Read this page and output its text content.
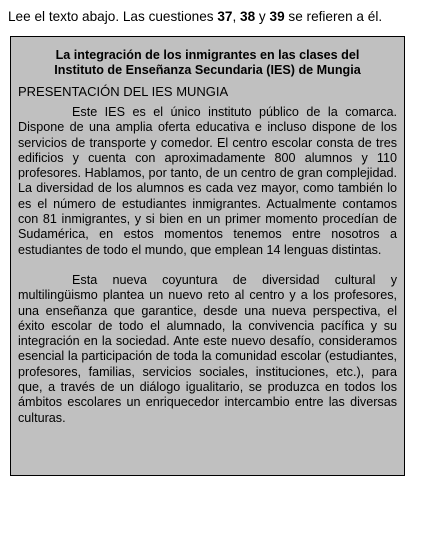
Lee el texto abajo. Las cuestiones 37, 38 y 39 se refieren a él.
La integración de los inmigrantes en las clases del
Instituto de Enseñanza Secundaria (IES) de Mungia
PRESENTACIÓN DEL IES MUNGIA

Este IES es el único instituto público de la comarca. Dispone de una amplia oferta educativa e incluso dispone de los servicios de transporte y comedor. El centro escolar consta de tres edificios y cuenta con aproximadamente 800 alumnos y 110 profesores. Hablamos, por tanto, de un centro de gran complejidad. La diversidad de los alumnos es cada vez mayor, como también lo es el número de estudiantes inmigrantes. Actualmente contamos con 81 inmigrantes, y si bien en un primer momento procedían de Sudamérica, en estos momentos tenemos entre nosotros a estudiantes de todo el mundo, que emplean 14 lenguas distintas.

Esta nueva coyuntura de diversidad cultural y multilingüismo plantea un nuevo reto al centro y a los profesores, una enseñanza que garantice, desde una nueva perspectiva, el éxito escolar de todo el alumnado, la convivencia pacífica y su integración en la sociedad. Ante este nuevo desafío, consideramos esencial la participación de toda la comunidad escolar (estudiantes, profesores, familias, servicios sociales, instituciones, etc.), para que, a través de un diálogo igualitario, se produzca en todos los ámbitos escolares un enriquecedor intercambio entre las diversas culturas.
